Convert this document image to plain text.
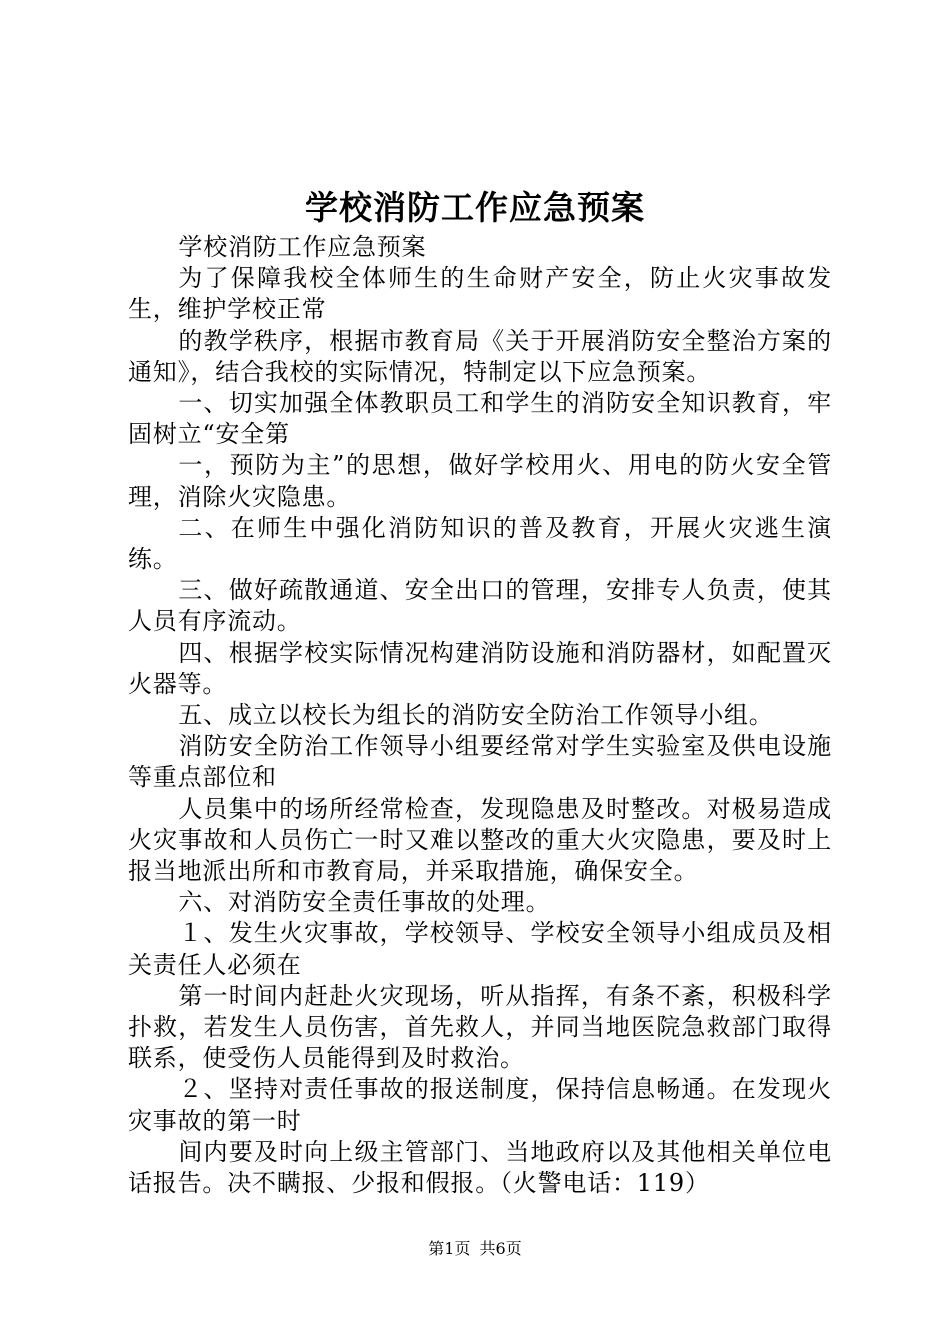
学校消防工作应急预案

学校消防工作应急预案

为了保障我校全体师生的生命财产安全，防止火灾事故发生，维护学校正常

的教学秩序，根据市教育局《关于开展消防安全整治方案的通知》，结合我校的实际情况，特制定以下应急预案。

一、切实加强全体教职员工和学生的消防安全知识教育，牢固树立“安全第

一，预防为主”的思想，做好学校用火、用电的防火安全管理，消除火灾隐患。

二、在师生中强化消防知识的普及教育，开展火灾逃生演练。

三、做好疏散通道、安全出口的管理，安排专人负责，使其人员有序流动。

四、根据学校实际情况构建消防设施和消防器材，如配置灭火器等。

五、成立以校长为组长的消防安全防治工作领导小组。

消防安全防治工作领导小组要经常对学生实验室及供电设施等重点部位和

人员集中的场所经常检查，发现隐患及时整改。对极易造成火灾事故和人员伤亡一时又难以整改的重大火灾隐患，要及时上报当地派出所和市教育局，并采取措施，确保安全。

六、对消防安全责任事故的处理。

１、发生火灾事故，学校领导、学校安全领导小组成员及相关责任人必须在

第一时间内赶赴火灾现场，听从指挥，有条不紊，积极科学扑救，若发生人员伤害，首先救人，并同当地医院急救部门取得联系，使受伤人员能得到及时救治。

２、坚持对责任事故的报送制度，保持信息畅通。在发现火灾事故的第一时

间内要及时向上级主管部门、当地政府以及其他相关单位电话报告。决不瞒报、少报和假报。（火警电话：119）

第1页 共6页
